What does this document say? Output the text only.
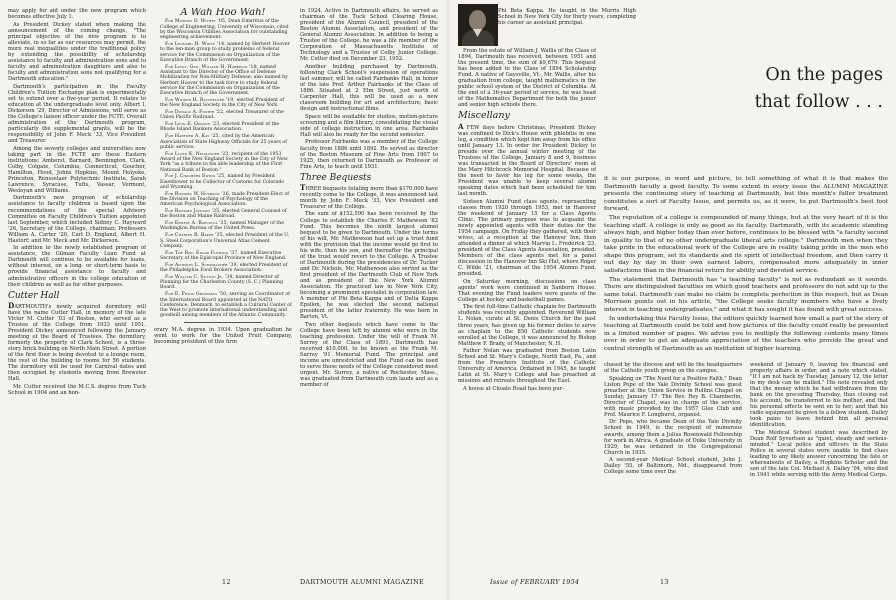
may apply for aid under the new program which becomes effective July 1.

As President Dickey stated when making the announcement of the coming change, "The principal objective of the new program is to alleviate, in so far as our resources may permit, the more real inequalities under the traditional policy by extending the possibility of scholarship assistance to faculty and administration sons and to faculty and administration daughters and also to faculty and administration sons not qualifying for a Dartmouth education."

Dartmouth's participation in the Faculty Children's Tuition Exchange plan is experimentally set to extend over a five-year period. It relates to education at the undergraduate level only. Albert I. Dickerson '29, Director of Admissions, will serve as the College's liaison officer under the FCTE. Overall administration of the Dartmouth program, particularly the supplemental grants, will be the responsibility of John F. Meck '33, Vice President and Treasurer.

Among the seventy colleges and universities now taking part in the FCTE are these Eastern institutions: Amherst, Barnard, Bennington, Clark, Colby, Colgate, Columbia, Connecticut, Goucher, Hamilton, Hood, Johns Hopkins, Mount Holyoke, Princeton, Rensselaer Polytechnic Institute, Sarah Lawrence, Syracuse, Tufts, Vassar, Vermont, Wesleyan and Williams.

Dartmouth's new program of scholarship assistance to faculty children is based upon the recommendations of the special Advisory Committee on Faculty Children's Tuition appointed last September, which included Sidney C. Hayward '26, Secretary of the College, chairman; Professors William A. Carter '20, Carl D. England, Albert H. Hastorf; and Mr. Meck and Mr. Dickerson.

In addition to the newly established program of assistance, the Gilman Faculty Loan Fund at Dartmouth will continue to be available for loans, without interest, on a long- or short-term basis to provide financial assistance to faculty and administrative officers in the college education of their children as well as for other purposes.

Cutter Hall

DARTMOUTH's newly acquired dormitory will have the name Cutter Hall, in memory of the late Victor M. Cutter '03 of Boston, who served as a Trustee of the College from 1933 until 1951. President Dickey announced following the January meeting of the Board of Trustees. The dormitory, formerly the property of Clark School, is a three-story brick building on North Main Street. A portion of the first floor is being devoted to a lounge room, the rest of the building to rooms for 56 students. The dormitory will be used for Carnival dates and then occupied by students moving from Brewster Hall.

Mr. Cutter received the M.C.S. degree from Tuck School in 1904 and an hon-

A Wah Hoo Wah!

For Morton O. Withey '05, Dean Emeritus of the College of Engineering, University of Wisconsin, cited by the Wisconsin Utilities Association for outstanding engineering achievement.

For Leonard H. White '14, named by Herbert Hoover to the ten-man group to study problems of federal service for the Commission on Organization of the Executive Branch of the Government.

For Lieut. Gen. William H. Harrison '18, named Assistant to the Director of the Office of Defense Mobilization for Non-Military Defense; also named by Herbert Hoover to the task force to study federal service for the Commission on Organization of the Executive Branch of the Government.

For Winsor H. Batchelder '19, elected President of the New England Society in the City of New York.

For Donald A. Foster '22, elected Treasurer of the Union Pacific Railroad.

For Leon E. Osgood '23, elected President of the Rhode Island Bankers Association.

For Harford A. Kay '25, cited by the American Association of State Highway Officials for 25 years of public service.

For Lloyd K. Neidlinger '23, recipient of the 1953 Award of the New England Society in the City of New York "as a tribute to his able leadership of the First National Bank of Boston."

For J. Chalmers Ewing '25, named by President Eisenhower to be Collector of Customs for Colorado and Wyoming.

For Richard W. Husband '26, made President-Elect of the Division on Teaching of Psychology of the American Psychological Association.

For Richard Jackson '35, elected General Counsel of the Boston and Maine Railroad.

For Ernest A. Barcella '35, named Manager of the Washington Bureau of the United Press.

For Charles R. Baker '35, elected President of the U. S. Steel Corporation's Universal Atlas Cement Company.

For The Rev. Edgar Fleming '37, named Executive Secretary of the Episcopal Province of New England.

For Anthony L. Schumacher '39, elected President of the Philadelphia Food Brokers Association.

For William C. Sutton Jr. '38, named Director of Planning for the Charleston County (S. C.) Planning Board.

For E. Philip Grossman '50, serving as Coordinator of the International Board appointed at the NATO Conference, Denmark, to establish a Cultural Center of the West to promote international understanding and goodwill among members of the Atlantic Community.

orary M.A. degree in 1934. Upon graduation he went to work for the United Fruit Company, becoming president of this firm

in 1924. Active in Dartmouth affairs, he served as chairman of the Tuck School Clearing House, president of the Alumni Council, president of the Boston Alumni Association, and president of the General Alumni Association. In addition to being a Trustee of the College, he was a life member of the Corporation of Massachusetts Institute of Technology and a Trustee of Colby Junior College. Mr. Cutter died on December 23, 1952.

Another building purchased by Dartmouth, following Clark School's suspension of operations last summer, will be called Fairbanks Hall, in honor of the late Prof. Arthur Fairbanks of the Class of 1886. Situated at 2 Elm Street, just north of Carpenter Hall, this will be used as a new classroom building for art and architecture, basic design and instructional films.

Space will be available for studios, motion-picture screening and a film library, consolidating the visual side of college instruction in one area. Fairbanks Hall will also be ready for the second semester.

Professor Fairbanks was a member of the College faculty from 1886 until 1892. He served as director of the Boston Museum of Fine Arts from 1907 to 1925, then returned to Dartmouth as Professor of Fine Arts, to teach until 1931.

Three Bequests

THREE bequests totaling more than $170,000 have recently come to the College, it was announced last month by John F. Meck '33, Vice President and Treasurer of the College.

The sum of $152,590 has been received by the College to establish the Charles F. Mathewson '82 Fund. This becomes the ninth largest alumni bequest to be given to Dartmouth. Under the terms of his will, Mr. Mathewson had set up a trust fund with the provision that the income would go first to his wife, then his son, and thereafter the principal of the trust would revert to the College. A Trustee of Dartmouth during the presidencies of Dr. Tucker and Dr. Nichols, Mr. Mathewson also served as the first president of the Dartmouth Club of New York and as president of the New York Alumni Association. He practiced law in New York City, becoming a prominent specialist in corporation law. A member of Phi Beta Kappa and of Delta Kappa Epsilon, he was elected the second national president of the latter fraternity. He was born in Barton, Vt.

Two other bequests which have come to the College have been left by alumni who were in the teaching profession. Under the will of Frank M. Surrey of the Class of 1891, Dartmouth has received $10,000, to be known as the Frank M. Surrey '91 Memorial Fund. The principal and income are unrestricted and the Fund can be used to serve those needs of the College considered most urgent. Mr. Surrey, a native of Rochester, Mass., was graduated from Dartmouth cum laude and as a member of

12	DARTMOUTH ALUMNI MAGAZINE

Phi Beta Kappa. He taught in the Morris High School in New York City for thirty years, completing his career as assistant principal.

From the estate of William J. Wallis of the Class of 1894, Dartmouth has received, between 1951 and the present time, the sum of $9,679. This bequest has been added to the Class of 1894 Scholarship Fund. A native of Gaysville, Vt., Mr. Wallis, after his graduation from college, taught mathematics in the public school system of the District of Columbia. At the end of a 36-year period of service, he was head of the Mathematics Department for both the junior and senior high schools there.

Miscellany

A FEW days before Christmas, President Dickey was confined to Dick's House with phlebitis in one leg, a condition which kept him away from his office until January 13. In order for President Dickey to preside over the annual winter meeting of the Trustees of the College, January 8 and 9, business was transacted in the Board of Directors' room at the Mary Hitchcock Memorial Hospital. Because of the need to favor his leg for some weeks, the President was unable to keep several alumni speaking dates which had been scheduled for him last month.

Sixteen Alumni Fund class agents, representing classes from 1920 through 1953, met in Hanover the weekend of January 15 for a Class Agents Clinic. The primary purpose was to acquaint the newly appointed agents with their duties for the 1954 campaign. On Friday they gathered, with their wives, at a reception at the Hanover Inn; then attended a dinner at which Marvin L. Frederick '23, president of the Class Agents Association, presided. Members of the class agents met for a panel discussion in the Hanover Inn Ski Hut, where Roger C. Wilde '21, chairman of the 1954 Alumni Fund, presided.

On Saturday morning, discussions on class agents' work were continued in Sanborn House. That evening the Fund leaders were guests of the College at hockey and basketball games.

The first full-time Catholic chaplain for Dartmouth students was recently appointed. Reverend William L. Nolan, curate at St. Denis Church for the past three years, has given up his former duties to serve as chaplain to the 850 Catholic students now enrolled at the College, it was announced by Bishop Matthew F. Brady, of Manchester, N. H.

Father Nolan was graduated from Boston Latin School and St. Mary's College, North East, Pa., and from the Preachers Institute of the Catholic University of America. Ordained in 1945, he taught Latin at St. Mary's College and has preached at missions and retreats throughout the East.

A house at Choate Road has been pur-

it is our purpose, in word and picture, to tell something of what it is that makes the Dartmouth faculty a good faculty. To some extent in every issue the ALUMNI MAGAZINE presents the continuing story of teaching at Dartmouth, but this month's fuller treatment constitutes a sort of Faculty Issue, and permits us, as it were, to put Dartmouth's best foot forward.

The reputation of a college is compounded of many things, but at the very heart of it is the teaching staff. A college is only as good as its faculty. Dartmouth, with its academic standing always high, and higher today than ever before, continues to be blessed with "a faculty second in quality to that of no other undergraduate liberal arts college." Dartmouth men when they take pride in the educational work of the College are in reality taking pride in the men who shape this program, set its standards and its spirit of intellectual freedom, and then carry it out day by day in their own earnest labors, compensated more adequately in inner satisfactions than in the financial return for ability and devoted service.

The statement that Dartmouth has "a teaching faculty" is not as redundant as it sounds. There are distinguished faculties on which good teachers and professors do not add up to the same total. Dartmouth can make no claim to complete perfection in this respect, but as Dean Morrison points out in his article, "the College seeks faculty members who have a lively interest in teaching undergraduates," and what it has sought it has found with great success.

In undertaking this Faculty Issue, the editors quickly learned how small a part of the story of teaching at Dartmouth could be told and how pictures of the faculty could really be presented in a limited number of pages. We advise you to multiply the following contents many times over in order to get an adequate appreciation of the teachers who provide the great and central strength of Dartmouth as an institution of higher learning.

chased by the diocese and will be the headquarters of the Catholic youth group on the campus.

Speaking on "The Need for a Positive Faith," Dean Liston Pope of the Yale Divinity School was guest preacher at the Union Service in Rollins Chapel on Sunday, January 17. The Rev. Roy B. Chamberlin, Director of Chapel, was in charge of the service, with music provided by the 1957 Glee Club and Prof. Maurice F. Longhurst, organist.

Dr. Pope, who became Dean of the Yale Divinity School in 1949, is the recipient of numerous awards, among them a Julius Rosenwald Fellowship for work in Africa. A graduate of Duke University in 1929, he was ordained in the Congregational Church in 1935.

A second-year Medical School student, John J. Dailey '55, of Baltimore, Md., disappeared from College some time over the

weekend of January 9, leaving his financial and property affairs in order, and a note which stated, "If I am not back by Tuesday, January 12, the letter in my desk can be mailed." His note revealed only that the money which he had withdrawn from the bank on the preceding Thursday, thus closing out his account, be transferred to his mother, and that his personal effects be sent on to her; and that his radio equipment be given to a fellow student. Dailey took pains to leave behind him all personal identification.

The Medical School student was described by Dean Rolf Syvertsen as "quiet, steady and serious-minded." Local police and officers in the State Police in several states were unable to find clues leading to any likely answer concerning the fate or whereabouts of Dailey, a Hopkins Scholar and the son of the late Col. Michael A. Dailey '04, who died in 1941 while serving with the Army Medical Corps.

Issue of FEBRUARY 1954	13
On the pages
that follow . . .
